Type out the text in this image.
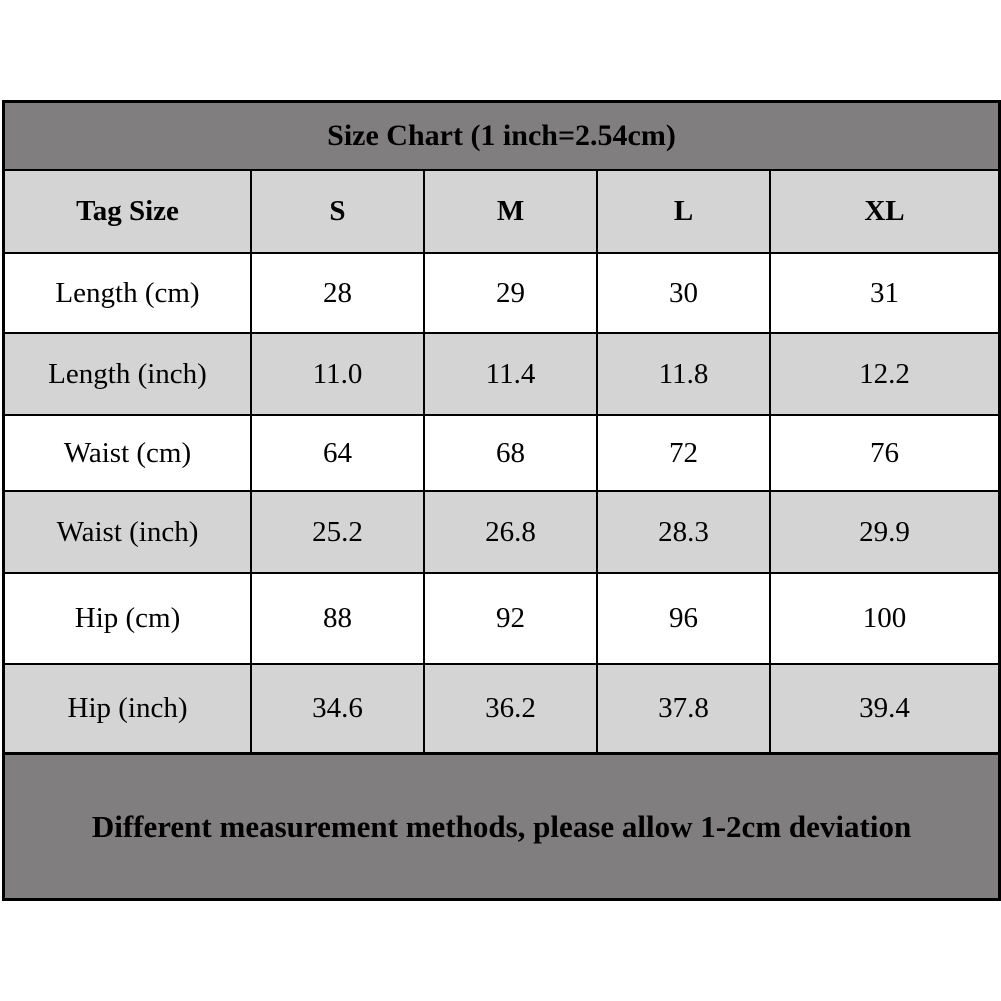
Size Chart (1 inch=2.54cm)
Tag Size	S	M	L	XL
Length (cm)	28	29	30	31
Length (inch)	11.0	11.4	11.8	12.2
Waist (cm)	64	68	72	76
Waist (inch)	25.2	26.8	28.3	29.9
Hip (cm)	88	92	96	100
Hip (inch)	34.6	36.2	37.8	39.4
Different measurement methods, please allow 1-2cm deviation
